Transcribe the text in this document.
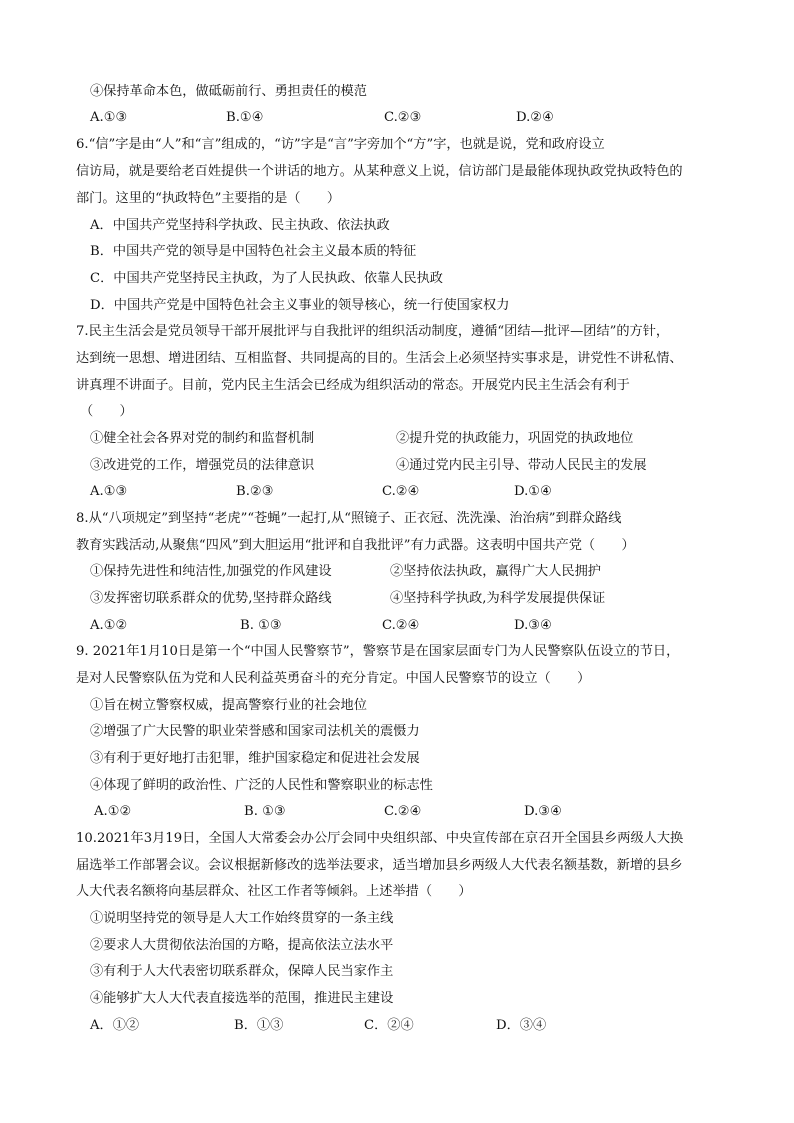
④保持革命本色，做砥砺前行、勇担责任的模范
A.①③	B.①④	C.②③	D.②④
6.“信”字是由“人”和“言”组成的，“访”字是“言”字旁加个“方”字，也就是说，党和政府设立
信访局，就是要给老百姓提供一个讲话的地方。从某种意义上说，信访部门是最能体现执政党执政特色的
部门。这里的“执政特色”主要指的是（　　）
A．中国共产党坚持科学执政、民主执政、依法执政
B．中国共产党的领导是中国特色社会主义最本质的特征
C．中国共产党坚持民主执政，为了人民执政、依靠人民执政
D．中国共产党是中国特色社会主义事业的领导核心，统一行使国家权力
7.民主生活会是党员领导干部开展批评与自我批评的组织活动制度，遵循“团结—批评—团结”的方针，
达到统一思想、增进团结、互相监督、共同提高的目的。生活会上必须坚持实事求是，讲党性不讲私情、
讲真理不讲面子。目前，党内民主生活会已经成为组织活动的常态。开展党内民主生活会有利于
（　　）
①健全社会各界对党的制约和监督机制	②提升党的执政能力，巩固党的执政地位
③改进党的工作，增强党员的法律意识	④通过党内民主引导、带动人民民主的发展
A.①③	B.②③	C.②④	D.①④
8.从“八项规定”到坚持“老虎”“苍蝇”一起打,从“照镜子、正衣冠、洗洗澡、治治病”到群众路线
教育实践活动,从聚焦“四风”到大胆运用“批评和自我批评”有力武器。这表明中国共产党（　　）
①保持先进性和纯洁性,加强党的作风建设	②坚持依法执政，赢得广大人民拥护
③发挥密切联系群众的优势,坚持群众路线	④坚持科学执政,为科学发展提供保证
A.①②	B. ①③	C.②④	D.③④
9. 2021年1月10日是第一个“中国人民警察节”，警察节是在国家层面专门为人民警察队伍设立的节日，
是对人民警察队伍为党和人民利益英勇奋斗的充分肯定。中国人民警察节的设立（　　）
①旨在树立警察权威，提高警察行业的社会地位
②增强了广大民警的职业荣誉感和国家司法机关的震慑力
③有利于更好地打击犯罪，维护国家稳定和促进社会发展
④体现了鲜明的政治性、广泛的人民性和警察职业的标志性
A.①②	B. ①③	C.②④	D.③④
10.2021年3月19日，全国人大常委会办公厅会同中央组织部、中央宣传部在京召开全国县乡两级人大换
届选举工作部署会议。会议根据新修改的选举法要求，适当增加县乡两级人大代表名额基数，新增的县乡
人大代表名额将向基层群众、社区工作者等倾斜。上述举措（　　）
①说明坚持党的领导是人大工作始终贯穿的一条主线
②要求人大贯彻依法治国的方略，提高依法立法水平
③有利于人大代表密切联系群众，保障人民当家作主
④能够扩大人大代表直接选举的范围，推进民主建设
A．①②	B．①③	C．②④	D．③④
